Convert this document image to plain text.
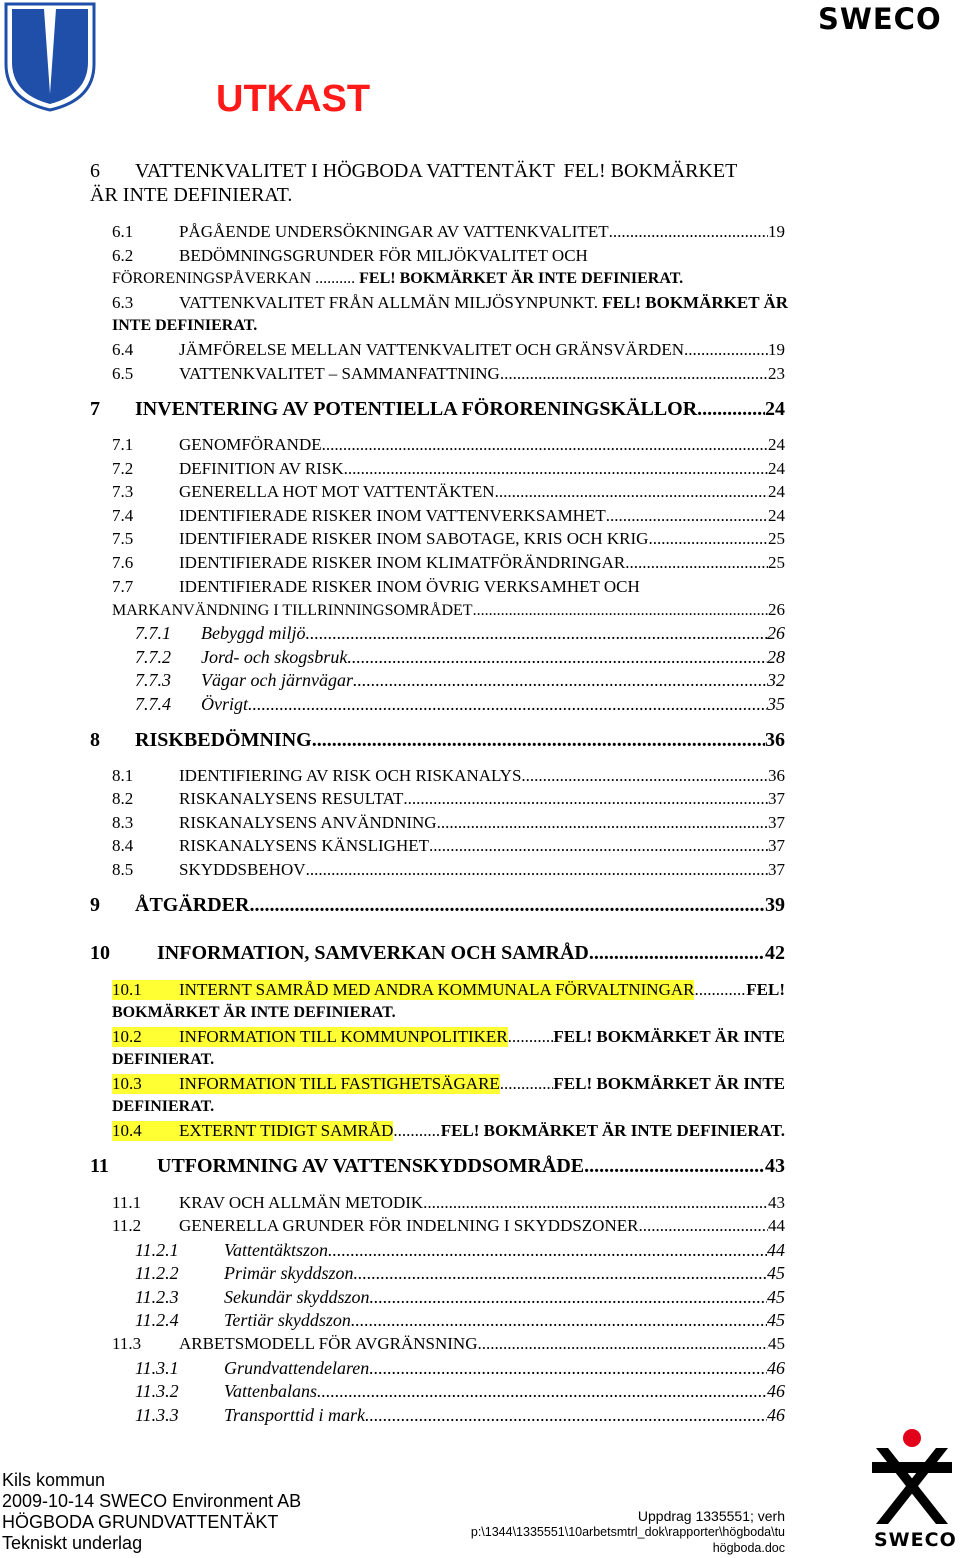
SWECO
UTKAST
6 VATTENKVALITET I HÖGBODA VATTENTÄKT FEL! BOKMÄRKET
ÄR INTE DEFINIERAT.
6.1	PÅGÅENDE UNDERSÖKNINGAR AV VATTENKVALITET .....	19
6.2	BEDÖMNINGSGRUNDER FÖR MILJÖKVALITET OCH
FÖRORENINGSPÅVERKAN .......... FEL! BOKMÄRKET ÄR INTE DEFINIERAT.
6.3	VATTENKVALITET FRÅN ALLMÄN MILJÖSYNPUNKT. FEL! BOKMÄRKET ÄR
INTE DEFINIERAT.
6.4	JÄMFÖRELSE MELLAN VATTENKVALITET OCH GRÄNSVÄRDEN .....	19
6.5	VATTENKVALITET – SAMMANFATTNING .....	23
7	INVENTERING AV POTENTIELLA FÖRORENINGSKÄLLOR .....	24
7.1	GENOMFÖRANDE .....	24
7.2	DEFINITION AV RISK .....	24
7.3	GENERELLA HOT MOT VATTENTÄKTEN .....	24
7.4	IDENTIFIERADE RISKER INOM VATTENVERKSAMHET .....	24
7.5	IDENTIFIERADE RISKER INOM SABOTAGE, KRIS OCH KRIG .....	25
7.6	IDENTIFIERADE RISKER INOM KLIMATFÖRÄNDRINGAR .....	25
7.7	IDENTIFIERADE RISKER INOM ÖVRIG VERKSAMHET OCH
MARKANVÄNDNING I TILLRINNINGSOMRÅDET .....	26
7.7.1	Bebyggd miljö .....	26
7.7.2	Jord- och skogsbruk .....	28
7.7.3	Vägar och järnvägar .....	32
7.7.4	Övrigt .....	35
8	RISKBEDÖMNING .....	36
8.1	IDENTIFIERING AV RISK OCH RISKANALYS .....	36
8.2	RISKANALYSENS RESULTAT .....	37
8.3	RISKANALYSENS ANVÄNDNING .....	37
8.4	RISKANALYSENS KÄNSLIGHET .....	37
8.5	SKYDDSBEHOV .....	37
9	ÅTGÄRDER .....	39
10	INFORMATION, SAMVERKAN OCH SAMRÅD .....	42
10.1	INTERNT SAMRÅD MED ANDRA KOMMUNALA FÖRVALTNINGAR .....	FEL!
BOKMÄRKET ÄR INTE DEFINIERAT.
10.2	INFORMATION TILL KOMMUNPOLITIKER .....	FEL! BOKMÄRKET ÄR INTE
DEFINIERAT.
10.3	INFORMATION TILL FASTIGHETSÄGARE .....	FEL! BOKMÄRKET ÄR INTE
DEFINIERAT.
10.4	EXTERNT TIDIGT SAMRÅD .....	FEL! BOKMÄRKET ÄR INTE DEFINIERAT.
11	UTFORMNING AV VATTENSKYDDSOMRÅDE .....	43
11.1	KRAV OCH ALLMÄN METODIK .....	43
11.2	GENERELLA GRUNDER FÖR INDELNING I SKYDDSZONER .....	44
11.2.1	Vattentäktszon .....	44
11.2.2	Primär skyddszon .....	45
11.2.3	Sekundär skyddszon .....	45
11.2.4	Tertiär skyddszon .....	45
11.3	ARBETSMODELL FÖR AVGRÄNSNING .....	45
11.3.1	Grundvattendelaren .....	46
11.3.2	Vattenbalans .....	46
11.3.3	Transporttid i mark .....	46
Kils kommun
2009-10-14 SWECO Environment AB
HÖGBODA GRUNDVATTENTÄKT
Tekniskt underlag
Uppdrag 1335551; verh
p:\1344\1335551\10arbetsmtrl_dok\rapporter\högboda\tu
högboda.doc	SWECO
